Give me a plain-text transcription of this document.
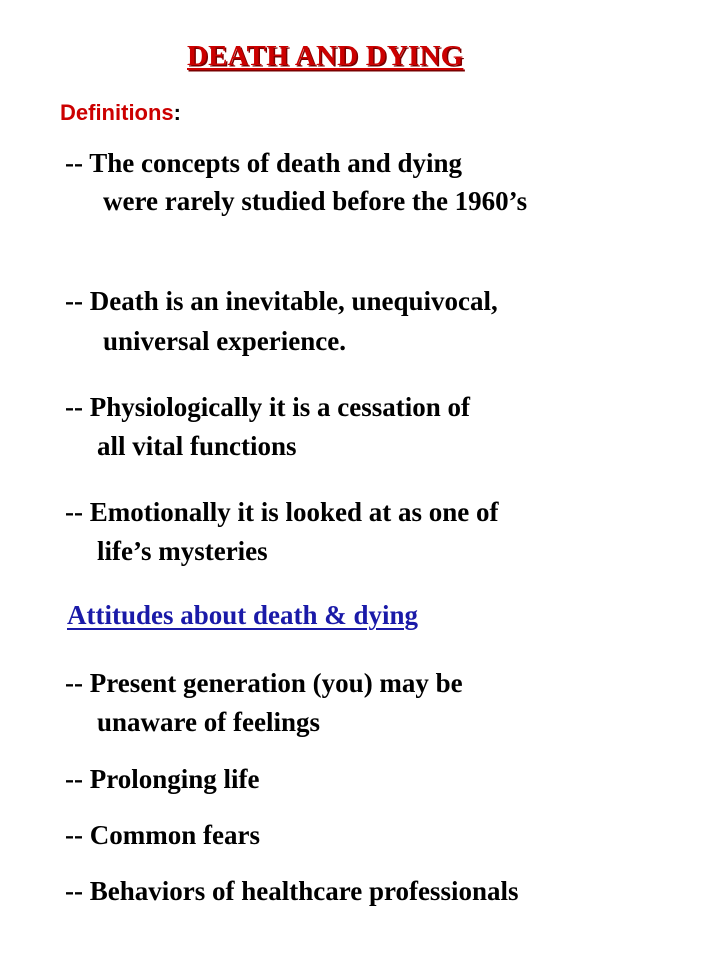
DEATH AND DYING
Definitions:
-- The concepts of death and dying
were rarely studied before the 1960’s
-- Death is an inevitable, unequivocal,
universal experience.
-- Physiologically it is a cessation of
all vital functions
-- Emotionally it is looked at as one of
life’s mysteries
Attitudes about death & dying
-- Present generation (you) may be
unaware of feelings
-- Prolonging life
-- Common fears
-- Behaviors of healthcare professionals
